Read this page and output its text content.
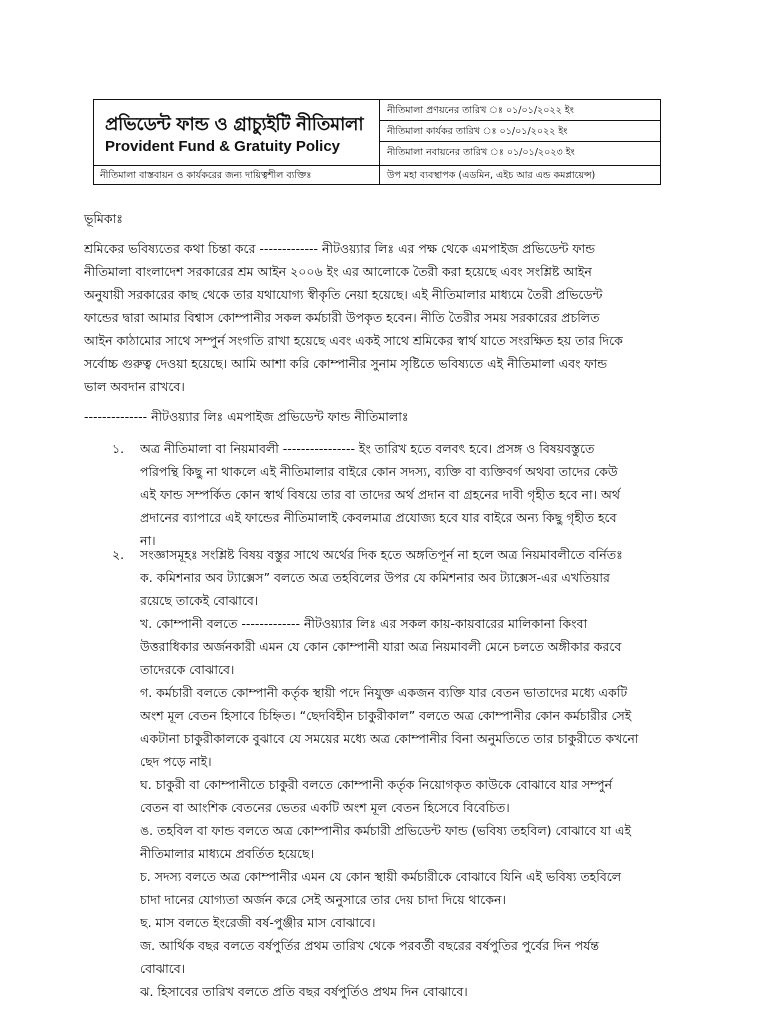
প্রভিডেন্ট ফান্ড ও গ্রাচ্যুইটি নীতিমালা
Provident Fund & Gratuity Policy
নীতিমালা প্রণয়নের তারিখ ঃ ০১/০১/২০২২ ইং
নীতিমালা কার্যকর তারিখ ঃ ০১/০১/২০২২ ইং
নীতিমালা নবায়নের তারিখ ঃ ০১/০১/২০২৩ ইং
নীতিমালা বাস্তবায়ন ও কার্যকরের জন্য দায়িত্বশীল ব্যক্তিঃ	উপ মহা ব্যবস্থাপক (এডমিন, এইচ আর এন্ড কমপ্লায়েন্স)
ভূমিকাঃ
শ্রমিকের ভবিষ্যতের কথা চিন্তা করে ------------- নীটওয়্যার লিঃ এর পক্ষ থেকে এমপাইজ প্রভিডেন্ট ফান্ড
নীতিমালা বাংলাদেশ সরকারের শ্রম আইন ২০০৬ ইং এর আলোকে তৈরী করা হয়েছে এবং সংশ্লিষ্ট আইন
অনুযায়ী সরকারের কাছ থেকে তার যথাযোগ্য স্বীকৃতি নেয়া হয়েছে। এই নীতিমালার মাধ্যমে তৈরী প্রভিডেন্ট
ফান্ডের দ্বারা আমার বিশ্বাস কোম্পানীর সকল কর্মচারী উপকৃত হবেন। নীতি তৈরীর সময় সরকারের প্রচলিত
আইন কাঠামোর সাথে সম্পুর্ন সংগতি রাখা হয়েছে এবং একই সাথে শ্রমিকের স্বার্থ যাতে সংরক্ষিত হয় তার দিকে
সর্বোচ্চ গুরুত্ব দেওয়া হয়েছে। আমি আশা করি কোম্পানীর সুনাম সৃষ্টিতে ভবিষ্যতে এই নীতিমালা এবং ফান্ড
ভাল অবদান রাখবে।
-------------- নীটওয়্যার লিঃ এমপাইজ প্রভিডেন্ট ফান্ড নীতিমালাঃ
১. অত্র নীতিমালা বা নিয়মাবলী ---------------- ইং তারিখ হতে বলবৎ হবে। প্রসঙ্গ ও বিষয়বস্তুতে
পরিপন্থি কিছু না থাকলে এই নীতিমালার বাইরে কোন সদস্য, ব্যক্তি বা ব্যক্তিবর্গ অথবা তাদের কেউ
এই ফান্ড সম্পর্কিত কোন স্বার্থ বিষয়ে তার বা তাদের অর্থ প্রদান বা গ্রহনের দাবী গৃহীত হবে না। অর্থ
প্রদানের ব্যাপারে এই ফান্ডের নীতিমালাই কেবলমাত্র প্রযোজ্য হবে যার বাইরে অন্য কিছু গৃহীত হবে
না।
২. সংজ্ঞাসমূহঃ সংশ্লিষ্ট বিষয় বস্তুর সাথে অর্থের দিক হতে অঙ্গতিপূর্ন না হলে অত্র নিয়মাবলীতে বর্নিতঃ
ক. কমিশনার অব ট্যাক্সেস” বলতে অত্র তহবিলের উপর যে কমিশনার অব ট্যাক্সেস-এর এখতিয়ার
রয়েছে তাকেই বোঝাবে।
খ. কোম্পানী বলতে ------------- নীটওয়্যার লিঃ এর সকল কায়-কায়বারের মালিকানা কিংবা
উত্তরাধিকার অর্জনকারী এমন যে কোন কোম্পানী যারা অত্র নিয়মাবলী মেনে চলতে অঙ্গীকার করবে
তাদেরকে বোঝাবে।
গ. কর্মচারী বলতে কোম্পানী কর্তৃক স্থায়ী পদে নিযুক্ত একজন ব্যক্তি যার বেতন ভাতাদের মধ্যে একটি
অংশ মূল বেতন হিসাবে চিহ্নিত। “ছেদবিহীন চাকুরীকাল” বলতে অত্র কোম্পানীর কোন কর্মচারীর সেই
একটানা চাকুরীকালকে বুঝাবে যে সময়ের মধ্যে অত্র কোম্পানীর বিনা অনুমতিতে তার চাকুরীতে কখনো
ছেদ পড়ে নাই।
ঘ. চাকুরী বা কোম্পানীতে চাকুরী বলতে কোম্পানী কর্তৃক নিয়োগকৃত কাউকে বোঝাবে যার সম্পুর্ন
বেতন বা আংশিক বেতনের ভেতর একটি অংশ মূল বেতন হিসেবে বিবেচিত।
ঙ. তহবিল বা ফান্ড বলতে অত্র কোম্পানীর কর্মচারী প্রভিডেন্ট ফান্ড (ভবিষ্য তহবিল) বোঝাবে যা এই
নীতিমালার মাধ্যমে প্রবর্তিত হয়েছে।
চ. সদস্য বলতে অত্র কোম্পানীর এমন যে কোন স্থায়ী কর্মচারীকে বোঝাবে যিনি এই ভবিষ্য তহবিলে
চাদা দানের যোগ্যতা অর্জন করে সেই অনুসারে তার দেয় চাদা দিয়ে থাকেন।
ছ. মাস বলতে ইংরেজী বর্ষ-পুঞ্জীর মাস বোঝাবে।
জ. আর্থিক বছর বলতে বর্ষপুর্তির প্রথম তারিখ থেকে পরবর্তী বছরের বর্ষপুতির পুর্বের দিন পর্যন্ত
বোঝাবে।
ঝ. হিসাবের তারিখ বলতে প্রতি বছর বর্ষপুর্তিও প্রথম দিন বোঝাবে।
